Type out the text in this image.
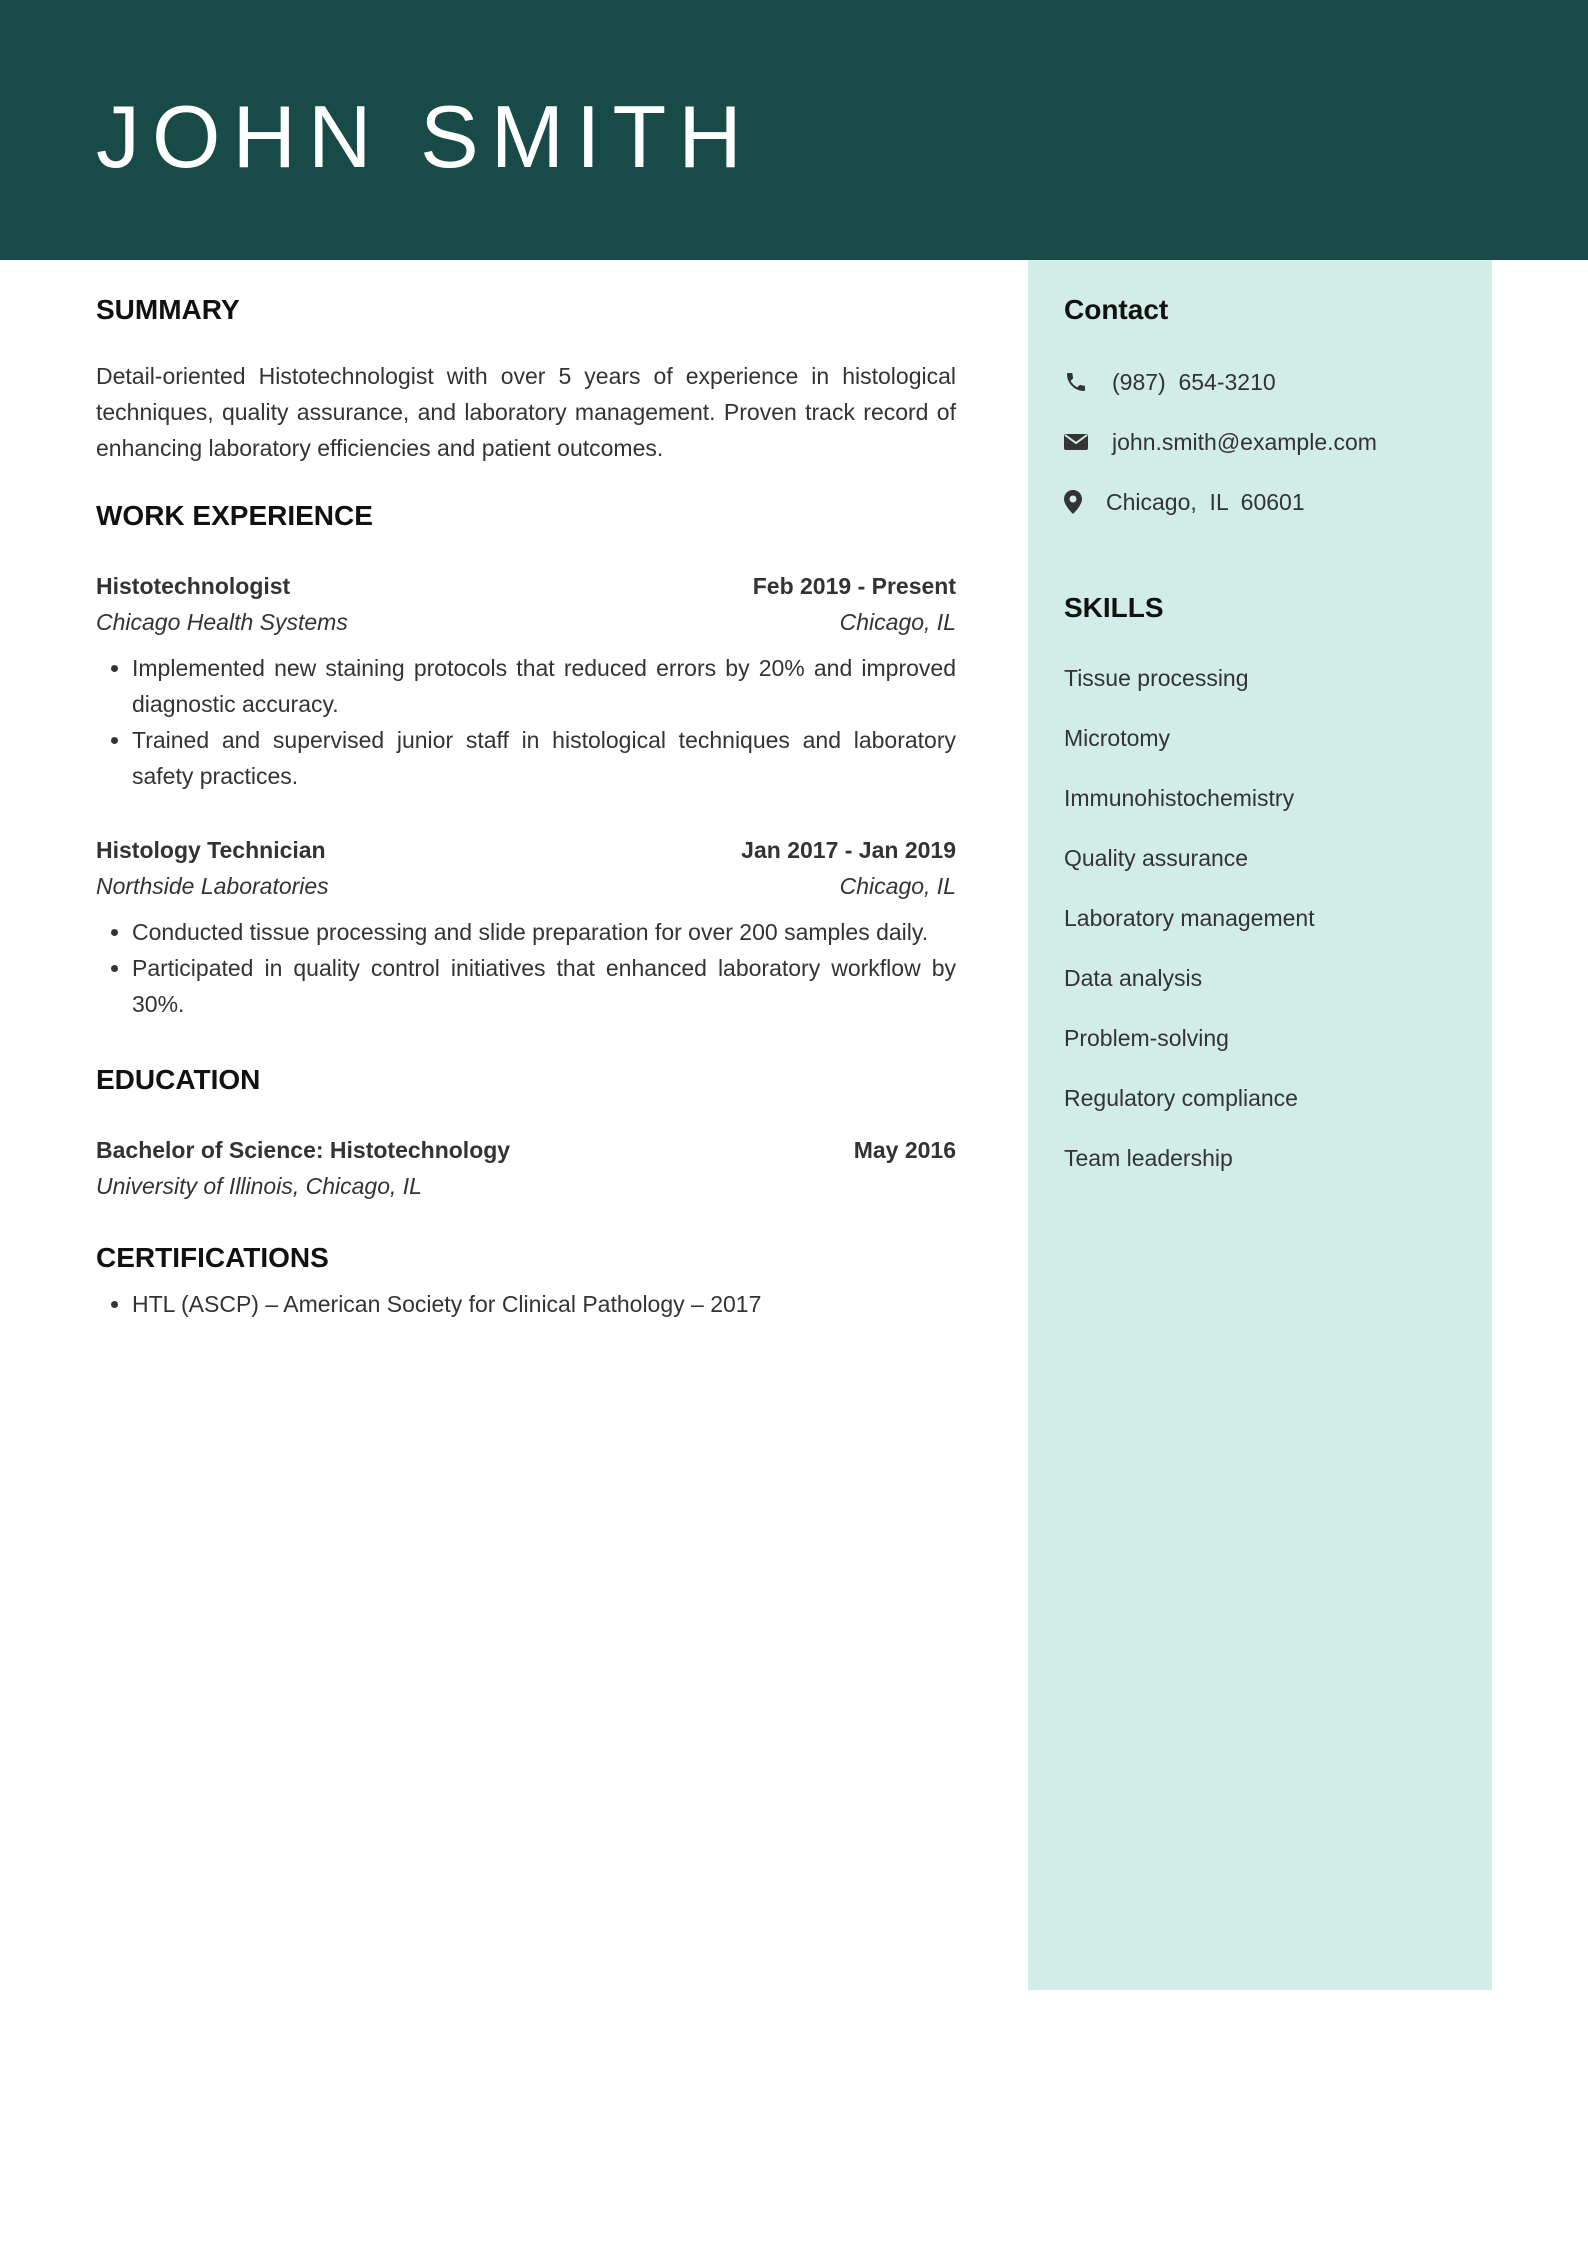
JOHN SMITH
Contact
(987)  654-3210
john.smith@example.com
Chicago,  IL  60601
SKILLS
Tissue processing
Microtomy
Immunohistochemistry
Quality assurance
Laboratory management
Data analysis
Problem-solving
Regulatory compliance
Team leadership
SUMMARY

Detail-oriented Histotechnologist with over 5 years of experience in histological techniques, quality assurance, and laboratory management. Proven track record of enhancing laboratory efficiencies and patient outcomes.

WORK EXPERIENCE
Histotechnologist	Feb 2019 - Present
Chicago Health Systems	Chicago, IL
• Implemented new staining protocols that reduced errors by 20% and improved diagnostic accuracy.
• Trained and supervised junior staff in histological techniques and laboratory safety practices.
Histology Technician	Jan 2017 - Jan 2019
Northside Laboratories	Chicago, IL
• Conducted tissue processing and slide preparation for over 200 samples daily.
• Participated in quality control initiatives that enhanced laboratory workflow by 30%.
EDUCATION
Bachelor of Science: Histotechnology	May 2016
University of Illinois, Chicago, IL
CERTIFICATIONS
• HTL (ASCP) – American Society for Clinical Pathology – 2017
